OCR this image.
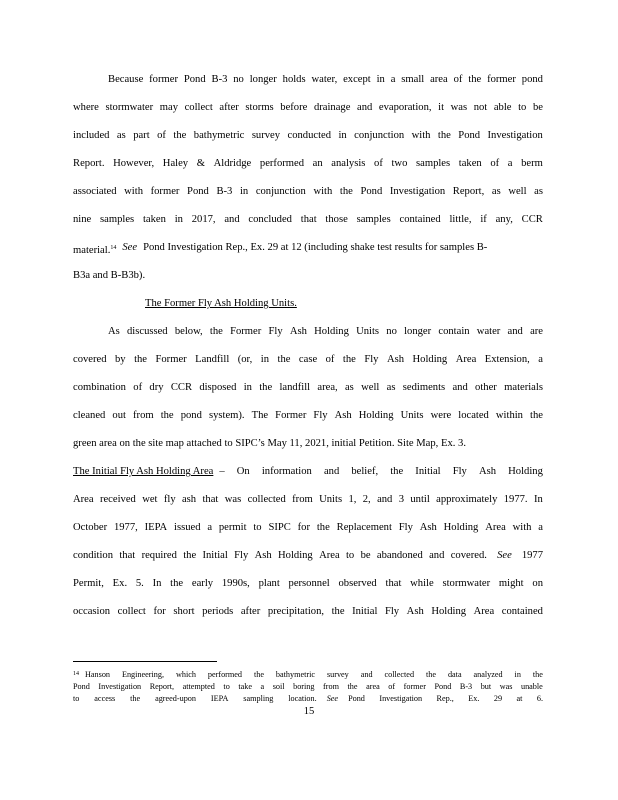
Because former Pond B-3 no longer holds water, except in a small area of the former pond
where stormwater may collect after storms before drainage and evaporation, it was not able to be
included as part of the bathymetric survey conducted in conjunction with the Pond Investigation
Report. However, Haley & Aldridge performed an analysis of two samples taken of a berm
associated with former Pond B-3 in conjunction with the Pond Investigation Report, as well as
nine samples taken in 2017, and concluded that those samples contained little, if any, CCR
material.$^{14}$ See Pond Investigation Rep., Ex. 29 at 12 (including shake test results for samples B-
B3a and B-B3b).
The Former Fly Ash Holding Units.
As discussed below, the Former Fly Ash Holding Units no longer contain water and are
covered by the Former Landfill (or, in the case of the Fly Ash Holding Area Extension, a
combination of dry CCR disposed in the landfill area, as well as sediments and other materials
cleaned out from the pond system). The Former Fly Ash Holding Units were located within the
green area on the site map attached to SIPC’s May 11, 2021, initial Petition. Site Map, Ex. 3.
The Initial Fly Ash Holding Area – On information and belief, the Initial Fly Ash Holding
Area received wet fly ash that was collected from Units 1, 2, and 3 until approximately 1977. In
October 1977, IEPA issued a permit to SIPC for the Replacement Fly Ash Holding Area with a
condition that required the Initial Fly Ash Holding Area to be abandoned and covered. See 1977
Permit, Ex. 5. In the early 1990s, plant personnel observed that while stormwater might on
occasion collect for short periods after precipitation, the Initial Fly Ash Holding Area contained
14 Hanson Engineering, which performed the bathymetric survey and collected the data analyzed in the
Pond Investigation Report, attempted to take a soil boring from the area of former Pond B-3 but was unable
to access the agreed-upon IEPA sampling location. See Pond Investigation Rep., Ex. 29 at 6.
15
